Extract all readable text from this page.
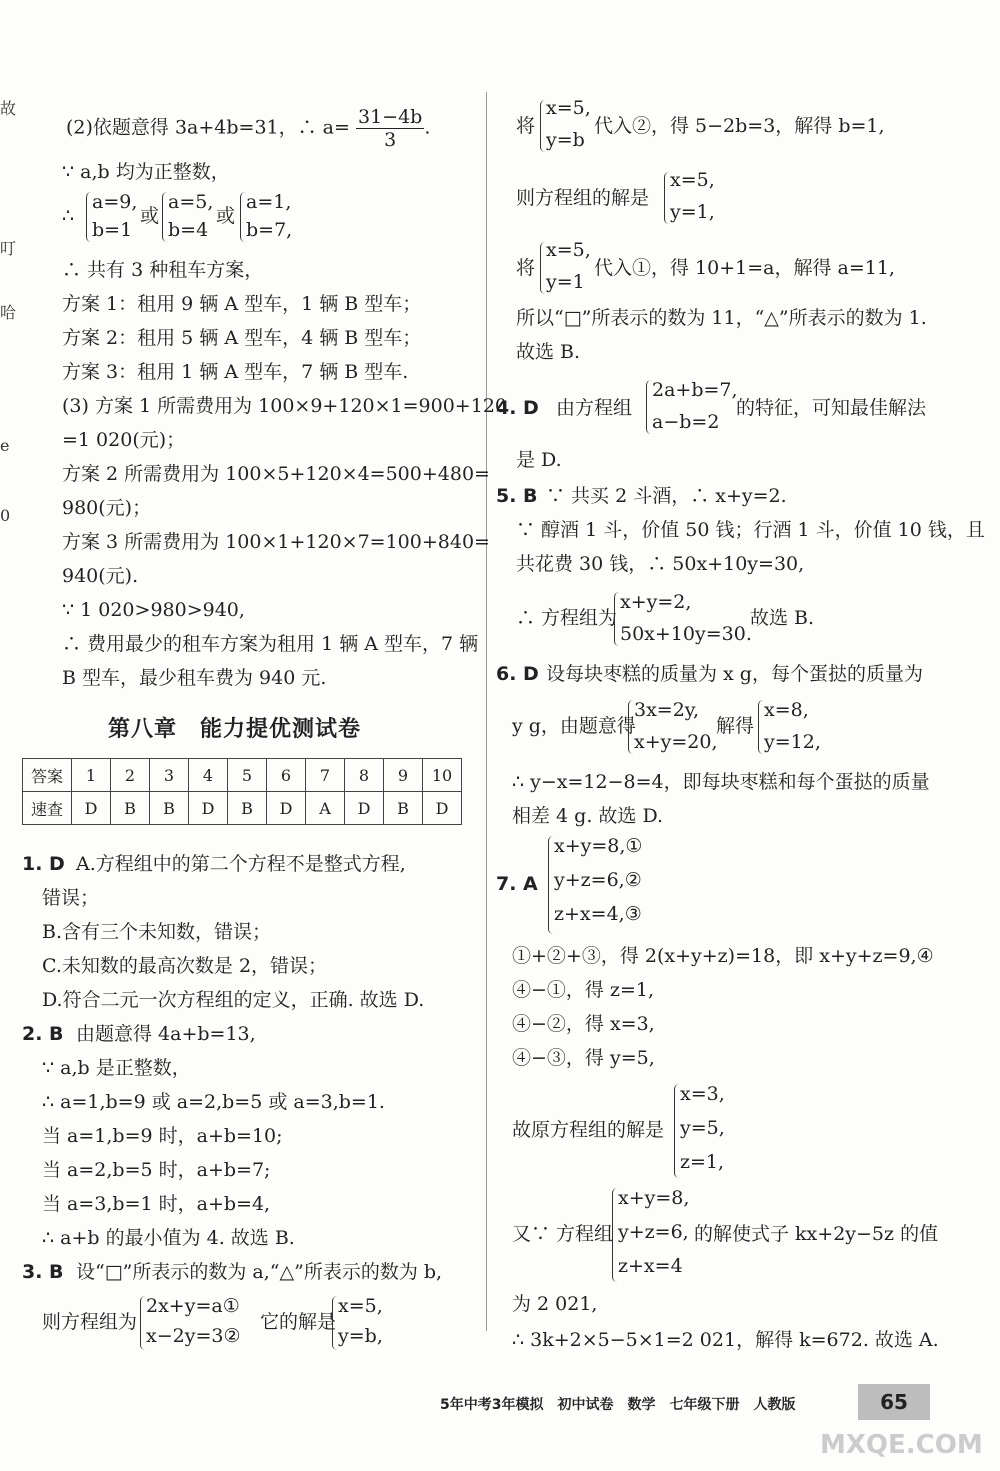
故
叮
哈
e
0
(2)依题意得 3a+4b=31，∴ $a= \frac{31-4b}{3}$ .
∵ a,b 均为正整数，
∴
a=9,
b=1
或
a=5,
b=4
或
a=1,
b=7,
∴ 共有 3 种租车方案，
方案 1：租用 9 辆 A 型车，1 辆 B 型车；
方案 2：租用 5 辆 A 型车，4 辆 B 型车；
方案 3：租用 1 辆 A 型车，7 辆 B 型车.
(3) 方案 1 所需费用为 100×9+120×1=900+120
=1 020(元)；
方案 2 所需费用为 100×5+120×4=500+480=
980(元)；
方案 3 所需费用为 100×1+120×7=100+840=
940(元).
∵ 1 020>980>940,
∴ 费用最少的租车方案为租用 1 辆 A 型车，7 辆
B 型车，最少租车费为 940 元.
第八章　能力提优测试卷
答案	1	2	3	4	5	6	7	8	9	10
速查	D	B	B	D	B	D	A	D	B	D
1. D A.方程组中的第二个方程不是整式方程,
错误；
B.含有三个未知数，错误；
C.未知数的最高次数是 2，错误；
D.符合二元一次方程组的定义，正确. 故选 D.
2. B 由题意得 4a+b=13,
∵ a,b 是正整数，
∴ a=1,b=9 或 a=2,b=5 或 a=3,b=1.
当 a=1,b=9 时，a+b=10;
当 a=2,b=5 时，a+b=7;
当 a=3,b=1 时，a+b=4,
∴ a+b 的最小值为 4. 故选 B.
3. B 设“□”所表示的数为 a,“△”所表示的数为 b,
则方程组为
2x+y=a①
x−2y=3②
它的解是
x=5,
y=b,
将
x=5,
y=b
代入②，得 5−2b=3，解得 b=1,
则方程组的解是
x=5,
y=1,
将
x=5,
y=1
代入①，得 10+1=a，解得 a=11,
所以“□”所表示的数为 11，“△”所表示的数为 1.
故选 B.
4. D 由方程组
2a+b=7,
a−b=2
的特征，可知最佳解法
是 D.
5. B ∵ 共买 2 斗酒，∴ x+y=2.
∵ 醇酒 1 斗，价值 50 钱；行酒 1 斗，价值 10 钱，且
共花费 30 钱，∴ 50x+10y=30,
∴ 方程组为
x+y=2,
50x+10y=30.
故选 B.
6. D 设每块枣糕的质量为 x g，每个蛋挞的质量为
y g，由题意得
3x=2y,
x+y=20,
解得
x=8,
y=12,
∴ y−x=12−8=4，即每块枣糕和每个蛋挞的质量
相差 4 g. 故选 D.
7. A
x+y=8,①
y+z=6,②
z+x=4,③
①+②+③，得 2(x+y+z)=18，即 x+y+z=9,④
④−①，得 z=1,
④−②，得 x=3,
④−③，得 y=5,
故原方程组的解是
x=3,
y=5,
z=1,
又∵ 方程组
x+y=8,
y+z=6,
z+x=4
的解使式子 kx+2y−5z 的值
为 2 021,
∴ 3k+2×5−5×1=2 021，解得 k=672. 故选 A.
5年中考3年模拟　初中试卷　数学　七年级下册　人教版	65
MXQE.COM
